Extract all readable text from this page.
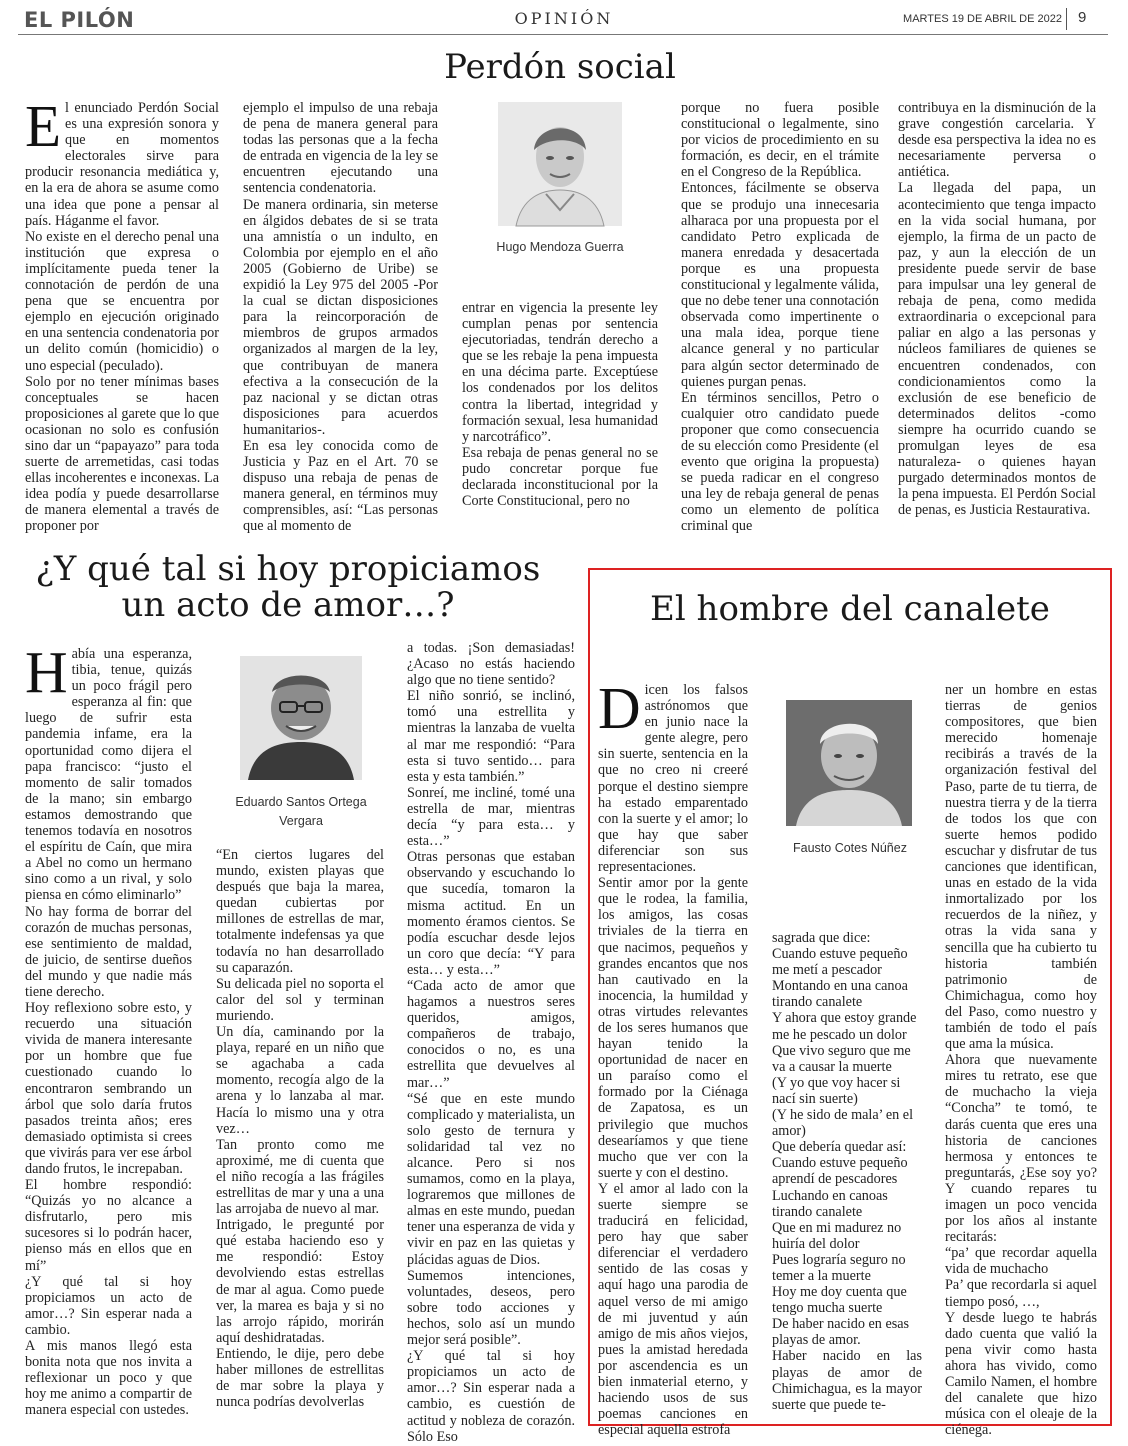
EL PILÓN	OPINIÓN	MARTES 19 DE ABRIL DE 2022 9
Perdón social
E l enunciado Perdón Social es una expresión sonora y que en momentos electorales sirve para producir resonancia mediática y, en la era de ahora se asume como una idea que pone a pensar al país. Háganme el favor.

No existe en el derecho penal una institución que expresa o implícitamente pueda tener la connotación de perdón de una pena que se encuentra por ejemplo en ejecución originado en una sentencia condenatoria por un delito común (homicidio) o uno especial (peculado).

Solo por no tener mínimas bases conceptuales se hacen proposiciones al garete que lo que ocasionan no solo es confusión sino dar un “papayazo” para toda suerte de arremetidas, casi todas ellas incoherentes e inconexas. La idea podía y puede desarrollarse de manera elemental a través de proponer por

ejemplo el impulso de una rebaja de pena de manera general para todas las personas que a la fecha de entrada en vigencia de la ley se encuentren ejecutando una sentencia condenatoria.

De manera ordinaria, sin meterse en álgidos debates de si se trata una amnistía o un indulto, en Colombia por ejemplo en el año 2005 (Gobierno de Uribe) se expidió la Ley 975 del 2005 -Por la cual se dictan disposiciones para la reincorporación de miembros de grupos armados organizados al margen de la ley, que contribuyan de manera efectiva a la consecución de la paz nacional y se dictan otras disposiciones para acuerdos humanitarios-.

En esa ley conocida como de Justicia y Paz en el Art. 70 se dispuso una rebaja de penas de manera general, en términos muy comprensibles, así: “Las personas que al momento de

Hugo Mendoza Guerra

entrar en vigencia la presente ley cumplan penas por sentencia ejecutoriadas, tendrán derecho a que se les rebaje la pena impuesta en una décima parte. Exceptúese los condenados por los delitos contra la libertad, integridad y formación sexual, lesa humanidad y narcotráfico”.

Esa rebaja de penas general no se pudo concretar porque fue declarada inconstitucional por la Corte Constitucional, pero no

porque no fuera posible constitucional o legalmente, sino por vicios de procedimiento en su formación, es decir, en el trámite en el Congreso de la República.

Entonces, fácilmente se observa que se produjo una innecesaria alharaca por una propuesta por el candidato Petro explicada de manera enredada y desacertada porque es una propuesta constitucional y legalmente válida, que no debe tener una connotación observada como impertinente o una mala idea, porque tiene alcance general y no particular para algún sector determinado de quienes purgan penas.

En términos sencillos, Petro o cualquier otro candidato puede proponer que como consecuencia de su elección como Presidente (el evento que origina la propuesta) se pueda radicar en el congreso una ley de rebaja general de penas como un elemento de política criminal que

contribuya en la disminución de la grave congestión carcelaria. Y desde esa perspectiva la idea no es necesariamente perversa o antiética.

La llegada del papa, un acontecimiento que tenga impacto en la vida social humana, por ejemplo, la firma de un pacto de paz, y aun la elección de un presidente puede servir de base para impulsar una ley general de rebaja de pena, como medida extraordinaria o excepcional para paliar en algo a las personas y núcleos familiares de quienes se encuentren condenados, con condicionamientos como la exclusión de ese beneficio de determinados delitos -como siempre ha ocurrido cuando se promulgan leyes de esa naturaleza- o quienes hayan purgado determinados montos de la pena impuesta. El Perdón Social de penas, es Justicia Restaurativa.

¿Y qué tal si hoy propiciamos
un acto de amor…?
H abía una esperanza, tibia, tenue, quizás un poco frágil pero esperanza al fin: que luego de sufrir esta pandemia infame, era la oportunidad como dijera el papa francisco: “justo el momento de salir tomados de la mano; sin embargo estamos demostrando que tenemos todavía en nosotros el espíritu de Caín, que mira a Abel no como un hermano sino como a un rival, y solo piensa en cómo eliminarlo”

No hay forma de borrar del corazón de muchas personas, ese sentimiento de maldad, de juicio, de sentirse dueños del mundo y que nadie más tiene derecho.

Hoy reflexiono sobre esto, y recuerdo una situación vivida de manera interesante por un hombre que fue cuestionado cuando lo encontraron sembrando un árbol que solo daría frutos pasados treinta años; eres demasiado optimista si crees que vivirás para ver ese árbol dando frutos, le increpaban.

El hombre respondió: “Quizás yo no alcance a disfrutarlo, pero mis sucesores si lo podrán hacer, pienso más en ellos que en mí”

¿Y qué tal si hoy propiciamos un acto de amor…? Sin esperar nada a cambio.

A mis manos llegó esta bonita nota que nos invita a reflexionar un poco y que hoy me animo a compartir de manera especial con ustedes.

Eduardo Santos Ortega
Vergara

“En ciertos lugares del mundo, existen playas que después que baja la marea, quedan cubiertas por millones de estrellas de mar, totalmente indefensas ya que todavía no han desarrollado su caparazón.

Su delicada piel no soporta el calor del sol y terminan muriendo.

Un día, caminando por la playa, reparé en un niño que se agachaba a cada momento, recogía algo de la arena y lo lanzaba al mar. Hacía lo mismo una y otra vez…

Tan pronto como me aproximé, me di cuenta que el niño recogía a las frágiles estrellitas de mar y una a una las arrojaba de nuevo al mar.

Intrigado, le pregunté por qué estaba haciendo eso y me respondió: Estoy devolviendo estas estrellas de mar al agua. Como puede ver, la marea es baja y si no las arrojo rápido, morirán aquí deshidratadas.

Entiendo, le dije, pero debe haber millones de estrellitas de mar sobre la playa y nunca podrías devolverlas

a todas. ¡Son demasiadas! ¿Acaso no estás haciendo algo que no tiene sentido?

El niño sonrió, se inclinó, tomó una estrellita y mientras la lanzaba de vuelta al mar me respondió: “Para esta si tuvo sentido… para esta y esta también.”

Sonreí, me incliné, tomé una estrella de mar, mientras decía “y para esta… y esta…”

Otras personas que estaban observando y escuchando lo que sucedía, tomaron la misma actitud. En un momento éramos cientos. Se podía escuchar desde lejos un coro que decía: “Y para esta… y esta…”

“Cada acto de amor que hagamos a nuestros seres queridos, amigos, compañeros de trabajo, conocidos o no, es una estrellita que devuelves al mar…”

“Sé que en este mundo complicado y materialista, un solo gesto de ternura y solidaridad tal vez no alcance. Pero si nos sumamos, como en la playa, lograremos que millones de almas en este mundo, puedan tener una esperanza de vida y vivir en paz en las quietas y plácidas aguas de Dios.

Sumemos intenciones, voluntades, deseos, pero sobre todo acciones y hechos, solo así un mundo mejor será posible”.

¿Y qué tal si hoy propiciamos un acto de amor…? Sin esperar nada a cambio, es cuestión de actitud y nobleza de corazón. Sólo Eso

El hombre del canalete
D icen los falsos astrónomos que en junio nace la gente alegre, pero sin suerte, sentencia en la que no creo ni creeré porque el destino siempre ha estado emparentado con la suerte y el amor; lo que hay que saber diferenciar son sus representaciones.

Sentir amor por la gente que le rodea, la familia, los amigos, las cosas triviales de la tierra en que nacimos, pequeños y grandes encantos que nos han cautivado en la inocencia, la humildad y otras virtudes relevantes de los seres humanos que hayan tenido la oportunidad de nacer en un paraíso como el formado por la Ciénaga de Zapatosa, es un privilegio que muchos desearíamos y que tiene mucho que ver con la suerte y con el destino.

Y el amor al lado con la suerte siempre se traducirá en felicidad, pero hay que saber diferenciar el verdadero sentido de las cosas y aquí hago una parodia de aquel verso de mi amigo de mi juventud y aún amigo de mis años viejos, pues la amistad heredada por ascendencia es un bien inmaterial eterno, y haciendo usos de sus poemas canciones en especial aquella estrofa

Fausto Cotes Núñez

sagrada que dice:

Cuando estuve pequeño me metí a pescador

Montando en una canoa tirando canalete

Y ahora que estoy grande me he pescado un dolor

Que vivo seguro que me va a causar la muerte

(Y yo que voy hacer si nací sin suerte)

(Y he sido de mala’ en el amor)

Que debería quedar así:

Cuando estuve pequeño aprendí de pescadores

Luchando en canoas tirando canalete

Que en mi madurez no huiría del dolor

Pues lograría seguro no temer a la muerte

Hoy me doy cuenta que tengo mucha suerte

De haber nacido en esas playas de amor.

Haber nacido en las playas de amor de Chimichagua, es la mayor suerte que puede te-

ner un hombre en estas tierras de genios compositores, que bien merecido homenaje recibirás a través de la organización festival del Paso, parte de tu tierra, de nuestra tierra y de la tierra de todos los que con suerte hemos podido escuchar y disfrutar de tus canciones que identifican, unas en estado de la vida inmortalizado por los recuerdos de la niñez, y otras la vida sana y sencilla que ha cubierto tu historia también patrimonio de Chimichagua, como hoy del Paso, como nuestro y también de todo el país que ama la música.

Ahora que nuevamente mires tu retrato, ese que de muchacho la vieja “Concha” te tomó, te darás cuenta que eres una historia de canciones hermosa y entonces te preguntarás, ¿Ese soy yo? Y cuando repares tu imagen un poco vencida por los años al instante recitarás:

“pa’ que recordar aquella vida de muchacho

Pa’ que recordarla si aquel tiempo posó, …,

Y desde luego te habrás dado cuenta que valió la pena vivir como hasta ahora has vivido, como Camilo Namen, el hombre del canalete que hizo música con el oleaje de la ciénega.
